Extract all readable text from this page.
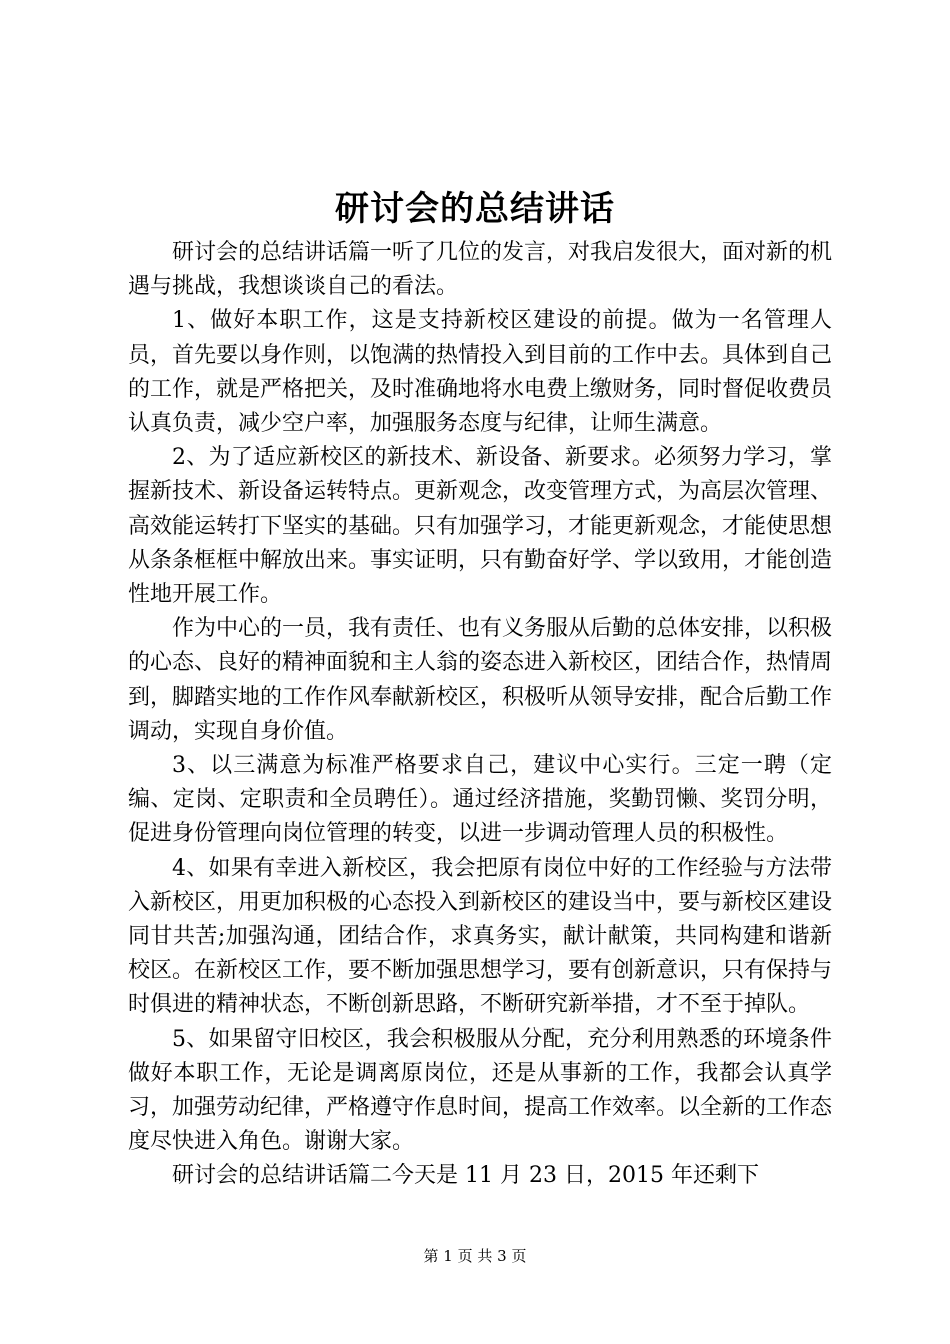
研讨会的总结讲话

研讨会的总结讲话篇一听了几位的发言，对我启发很大，面对新的机遇与挑战，我想谈谈自己的看法。

1、做好本职工作，这是支持新校区建设的前提。做为一名管理人员，首先要以身作则，以饱满的热情投入到目前的工作中去。具体到自己的工作，就是严格把关，及时准确地将水电费上缴财务，同时督促收费员认真负责，减少空户率，加强服务态度与纪律，让师生满意。

2、为了适应新校区的新技术、新设备、新要求。必须努力学习，掌握新技术、新设备运转特点。更新观念，改变管理方式，为高层次管理、高效能运转打下坚实的基础。只有加强学习，才能更新观念，才能使思想从条条框框中解放出来。事实证明，只有勤奋好学、学以致用，才能创造性地开展工作。

作为中心的一员，我有责任、也有义务服从后勤的总体安排，以积极的心态、良好的精神面貌和主人翁的姿态进入新校区，团结合作，热情周到，脚踏实地的工作作风奉献新校区，积极听从领导安排，配合后勤工作调动，实现自身价值。

3、以三满意为标准严格要求自己，建议中心实行。三定一聘（定编、定岗、定职责和全员聘任）。通过经济措施，奖勤罚懒、奖罚分明，促进身份管理向岗位管理的转变，以进一步调动管理人员的积极性。

4、如果有幸进入新校区，我会把原有岗位中好的工作经验与方法带入新校区，用更加积极的心态投入到新校区的建设当中，要与新校区建设同甘共苦;加强沟通，团结合作，求真务实，献计献策，共同构建和谐新校区。在新校区工作，要不断加强思想学习，要有创新意识，只有保持与时俱进的精神状态，不断创新思路，不断研究新举措，才不至于掉队。

5、如果留守旧校区，我会积极服从分配，充分利用熟悉的环境条件做好本职工作，无论是调离原岗位，还是从事新的工作，我都会认真学习，加强劳动纪律，严格遵守作息时间，提高工作效率。以全新的工作态度尽快进入角色。谢谢大家。

研讨会的总结讲话篇二今天是 11 月 23 日，2015 年还剩下

第 1 页 共 3 页
